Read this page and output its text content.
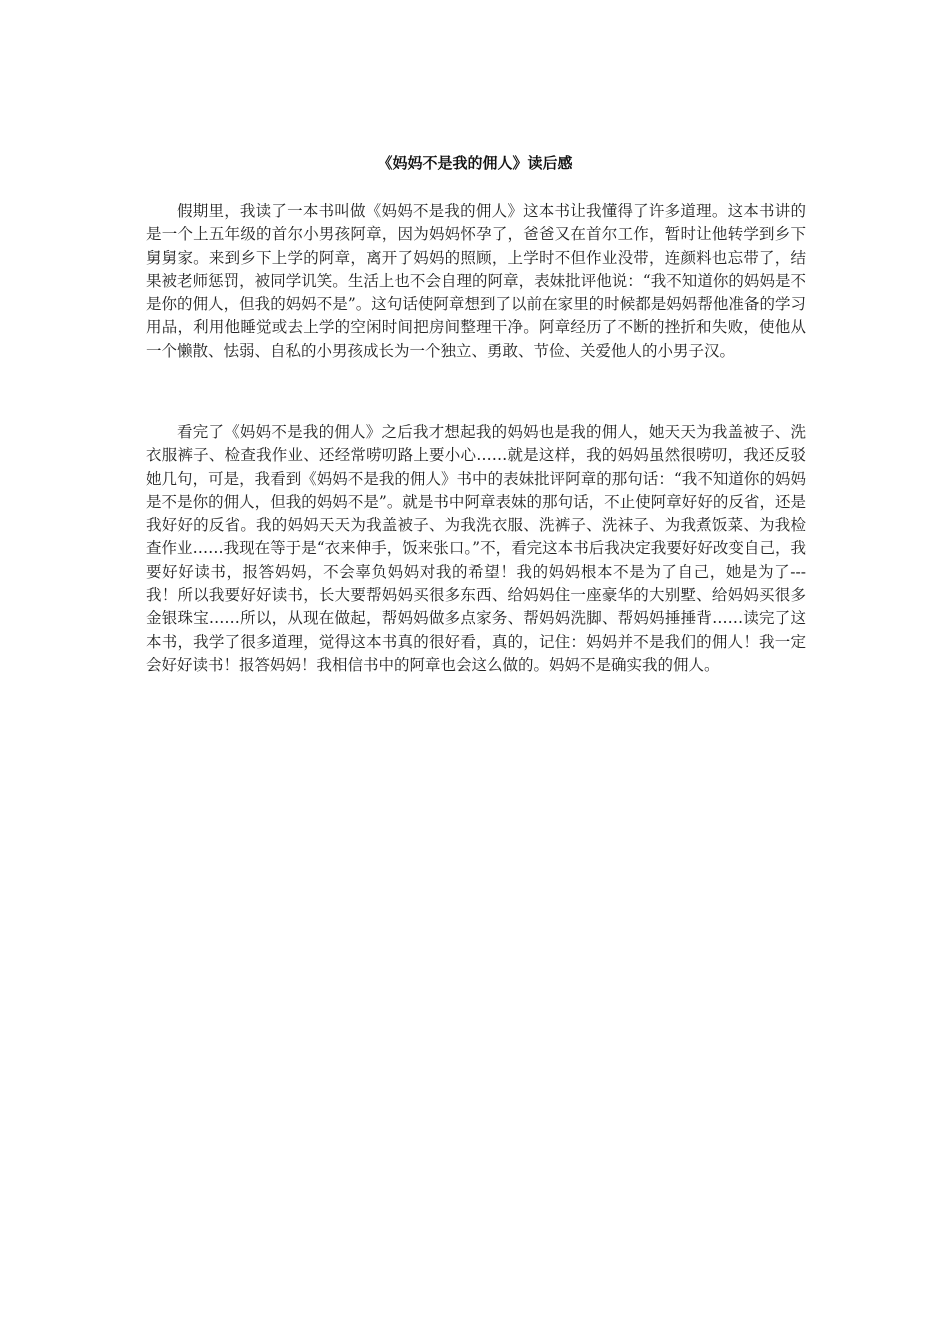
《妈妈不是我的佣人》读后感

假期里，我读了一本书叫做《妈妈不是我的佣人》这本书让我懂得了许多道理。这本书讲的是一个上五年级的首尔小男孩阿章，因为妈妈怀孕了，爸爸又在首尔工作，暂时让他转学到乡下舅舅家。来到乡下上学的阿章，离开了妈妈的照顾，上学时不但作业没带，连颜料也忘带了，结果被老师惩罚，被同学讥笑。生活上也不会自理的阿章，表妹批评他说：“我不知道你的妈妈是不是你的佣人，但我的妈妈不是”。这句话使阿章想到了以前在家里的时候都是妈妈帮他准备的学习用品，利用他睡觉或去上学的空闲时间把房间整理干净。阿章经历了不断的挫折和失败，使他从一个懒散、怯弱、自私的小男孩成长为一个独立、勇敢、节俭、关爱他人的小男子汉。

看完了《妈妈不是我的佣人》之后我才想起我的妈妈也是我的佣人，她天天为我盖被子、洗衣服裤子、检查我作业、还经常唠叨路上要小心……就是这样，我的妈妈虽然很唠叨，我还反驳她几句，可是，我看到《妈妈不是我的佣人》书中的表妹批评阿章的那句话：“我不知道你的妈妈是不是你的佣人，但我的妈妈不是”。就是书中阿章表妹的那句话，不止使阿章好好的反省，还是我好好的反省。我的妈妈天天为我盖被子、为我洗衣服、洗裤子、洗袜子、为我煮饭菜、为我检查作业……我现在等于是“衣来伸手，饭来张口。”不，看完这本书后我决定我要好好改变自己，我要好好读书，报答妈妈，不会辜负妈妈对我的希望！我的妈妈根本不是为了自己，她是为了---我！所以我要好好读书，长大要帮妈妈买很多东西、给妈妈住一座豪华的大别墅、给妈妈买很多金银珠宝……所以，从现在做起，帮妈妈做多点家务、帮妈妈洗脚、帮妈妈捶捶背……读完了这本书，我学了很多道理，觉得这本书真的很好看，真的，记住：妈妈并不是我们的佣人！我一定会好好读书！报答妈妈！我相信书中的阿章也会这么做的。妈妈不是确实我的佣人。
